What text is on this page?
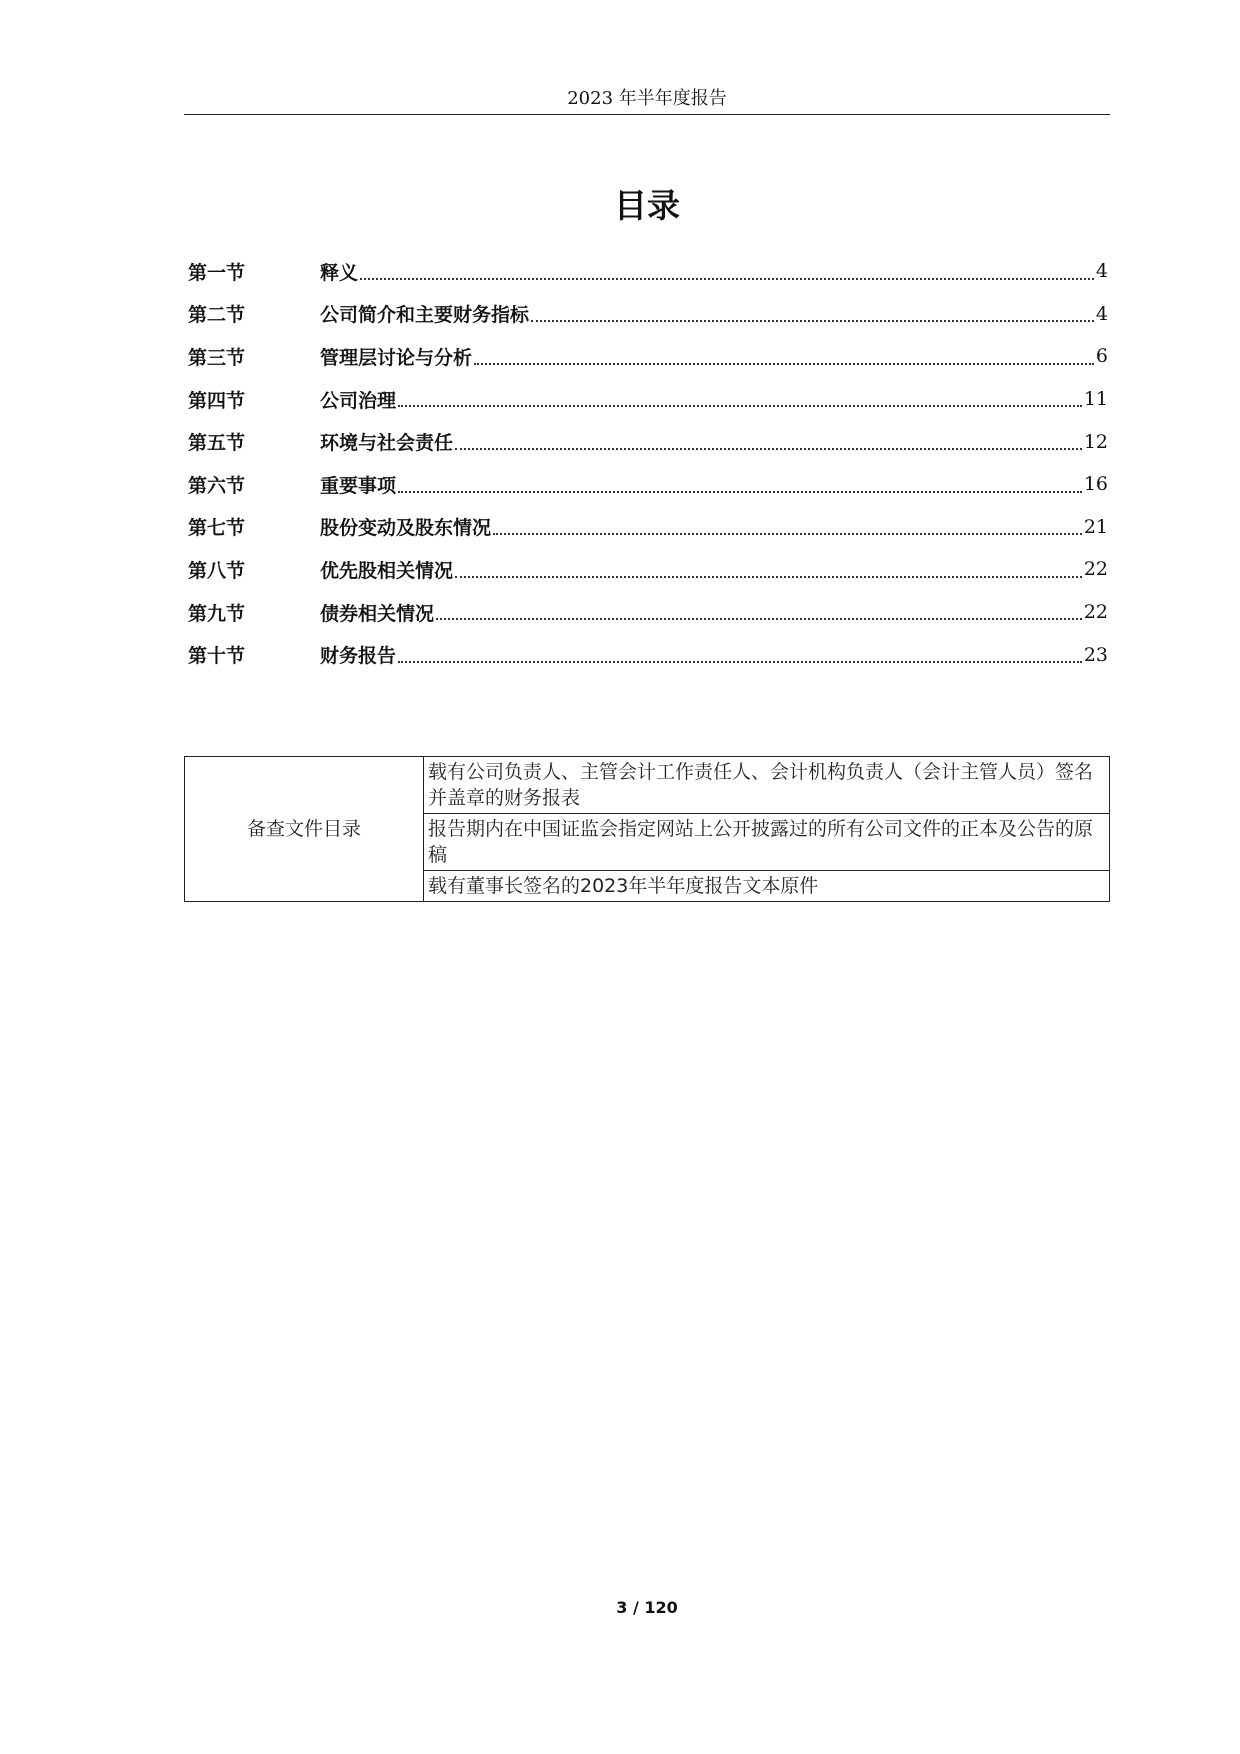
2023 年半年度报告
目录
第一节	释义	4
第二节	公司简介和主要财务指标	4
第三节	管理层讨论与分析	6
第四节	公司治理	11
第五节	环境与社会责任	12
第六节	重要事项	16
第七节	股份变动及股东情况	21
第八节	优先股相关情况	22
第九节	债券相关情况	22
第十节	财务报告	23
备查文件目录	载有公司负责人、主管会计工作责任人、会计机构负责人（会计主管人员）签名并盖章的财务报表
报告期内在中国证监会指定网站上公开披露过的所有公司文件的正本及公告的原稿
载有董事长签名的2023年半年度报告文本原件
3 / 120
